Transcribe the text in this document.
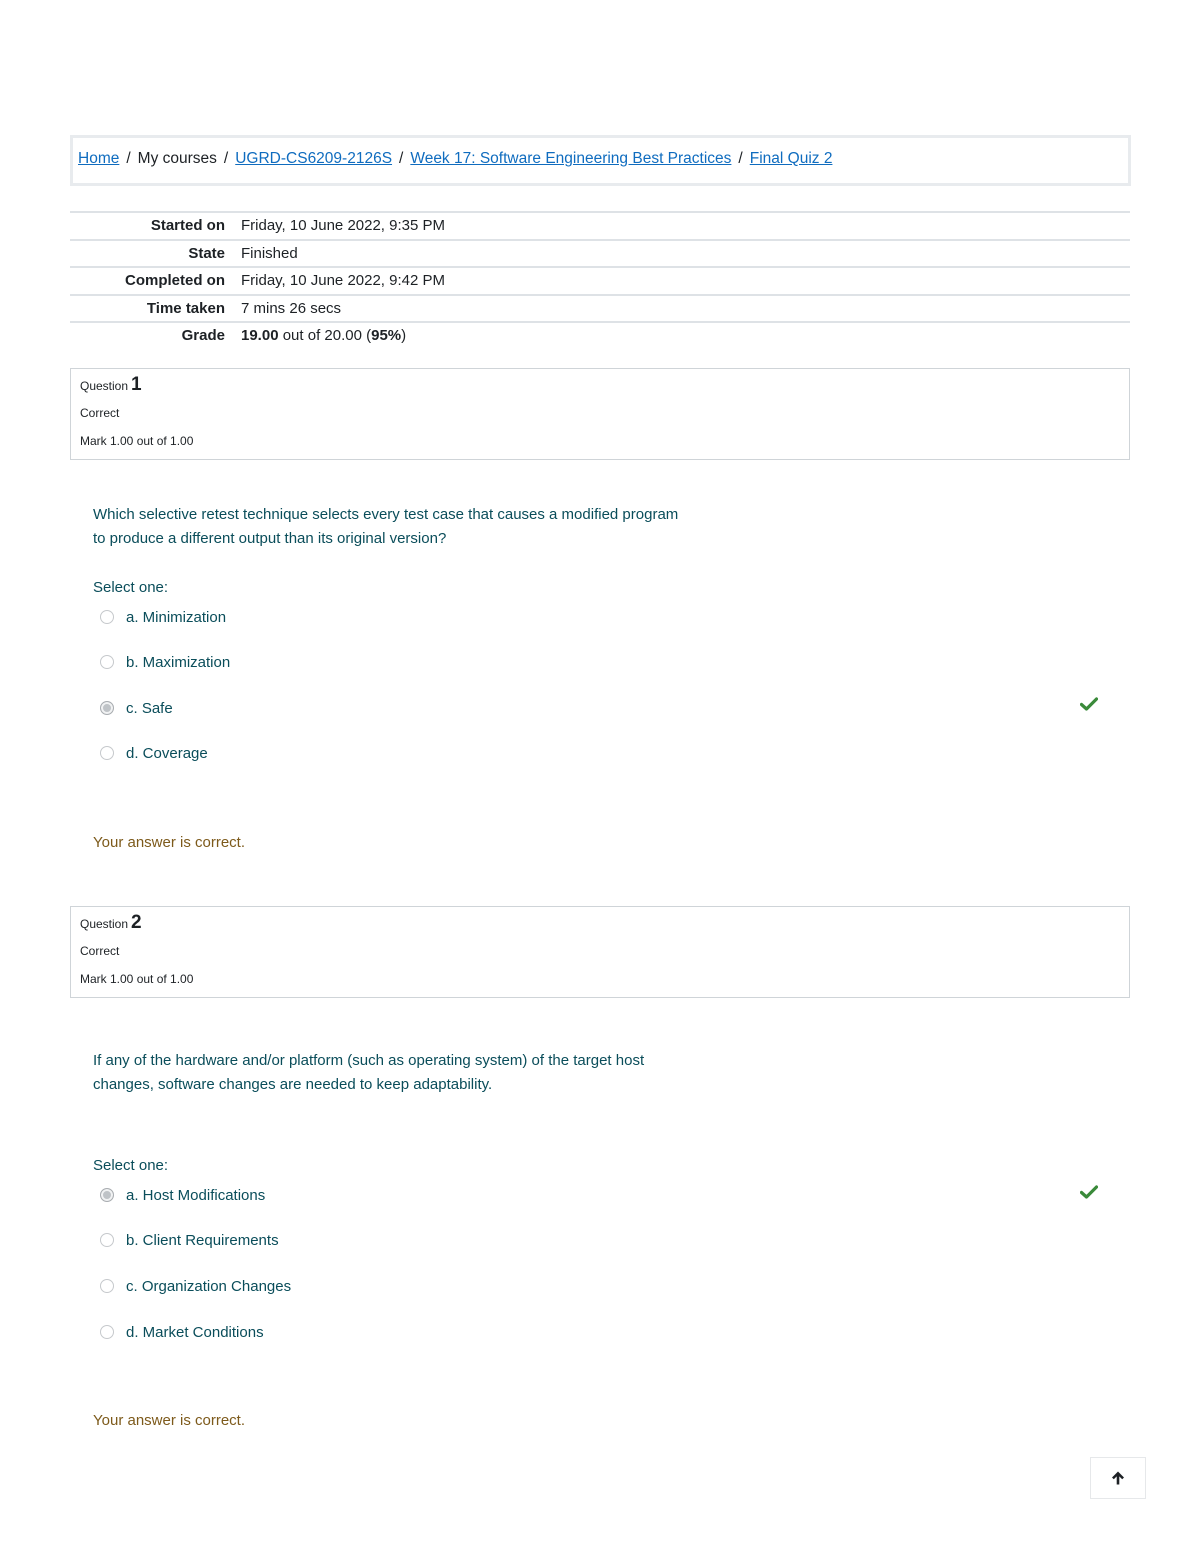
Home / My courses / UGRD-CS6209-2126S / Week 17: Software Engineering Best Practices / Final Quiz 2
Started on Friday, 10 June 2022, 9:35 PM
State Finished
Completed on Friday, 10 June 2022, 9:42 PM
Time taken 7 mins 26 secs
Grade 19.00 out of 20.00 (95%)
Question 1
Correct
Mark 1.00 out of 1.00
Which selective retest technique selects every test case that causes a modified program to produce a different output than its original version?
Select one:
a. Minimization
b. Maximization
c. Safe
d. Coverage
Your answer is correct.
Question 2
Correct
Mark 1.00 out of 1.00
If any of the hardware and/or platform (such as operating system) of the target host changes, software changes are needed to keep adaptability.
Select one:
a. Host Modifications
b. Client Requirements
c. Organization Changes
d. Market Conditions
Your answer is correct.
